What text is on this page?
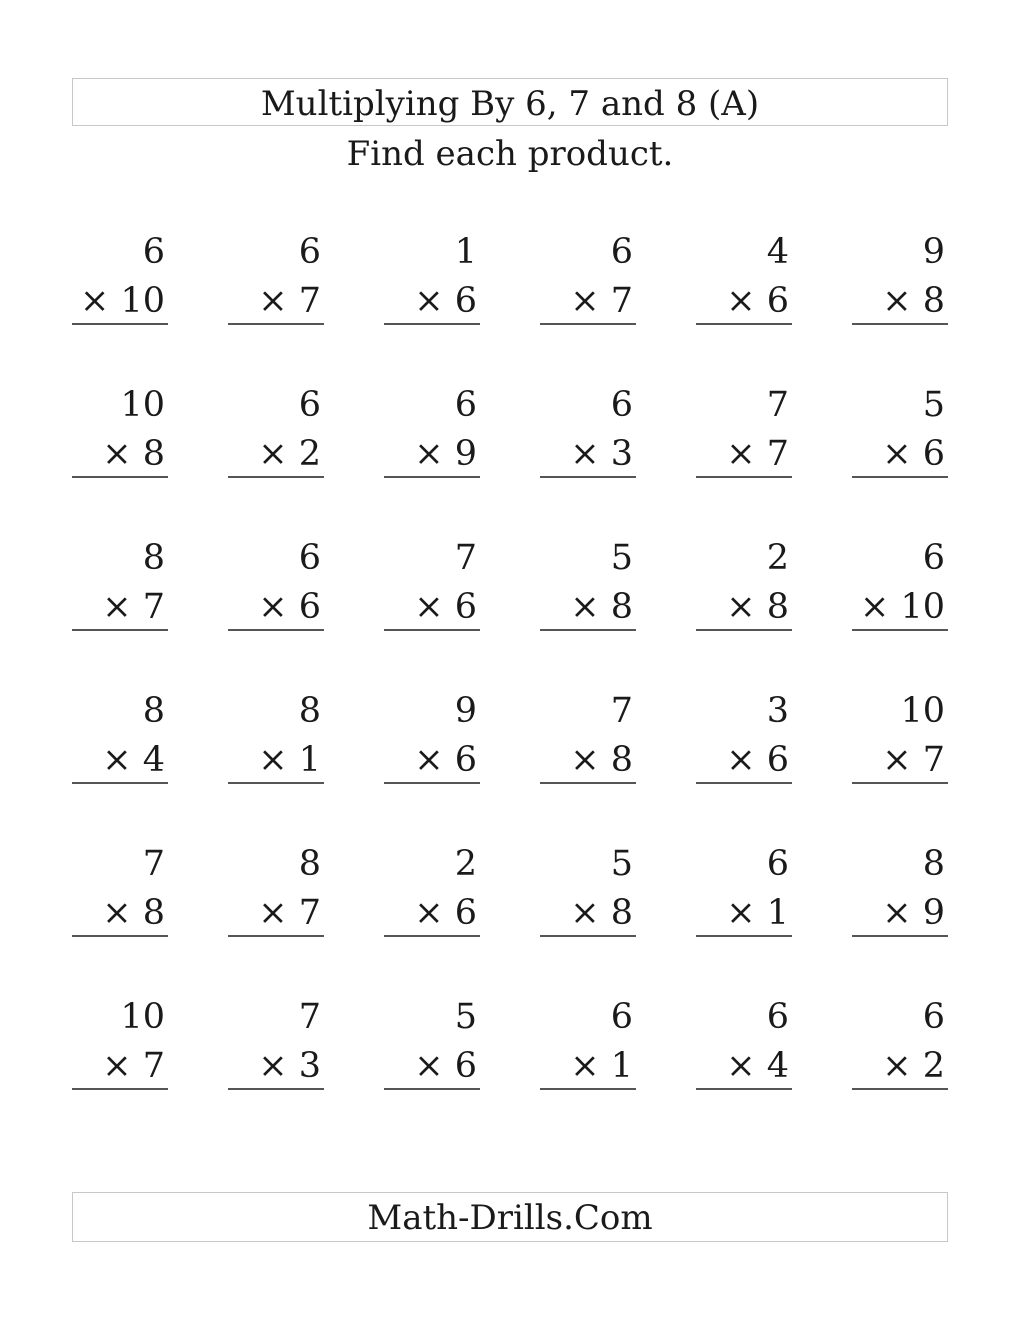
Multiplying By 6, 7 and 8 (A)
Find each product.
6
× 10
6
× 7
1
× 6
6
× 7
4
× 6
9
× 8
10
× 8
6
× 2
6
× 9
6
× 3
7
× 7
5
× 6
8
× 7
6
× 6
7
× 6
5
× 8
2
× 8
6
× 10
8
× 4
8
× 1
9
× 6
7
× 8
3
× 6
10
× 7
7
× 8
8
× 7
2
× 6
5
× 8
6
× 1
8
× 9
10
× 7
7
× 3
5
× 6
6
× 1
6
× 4
6
× 2
Math-Drills.Com
